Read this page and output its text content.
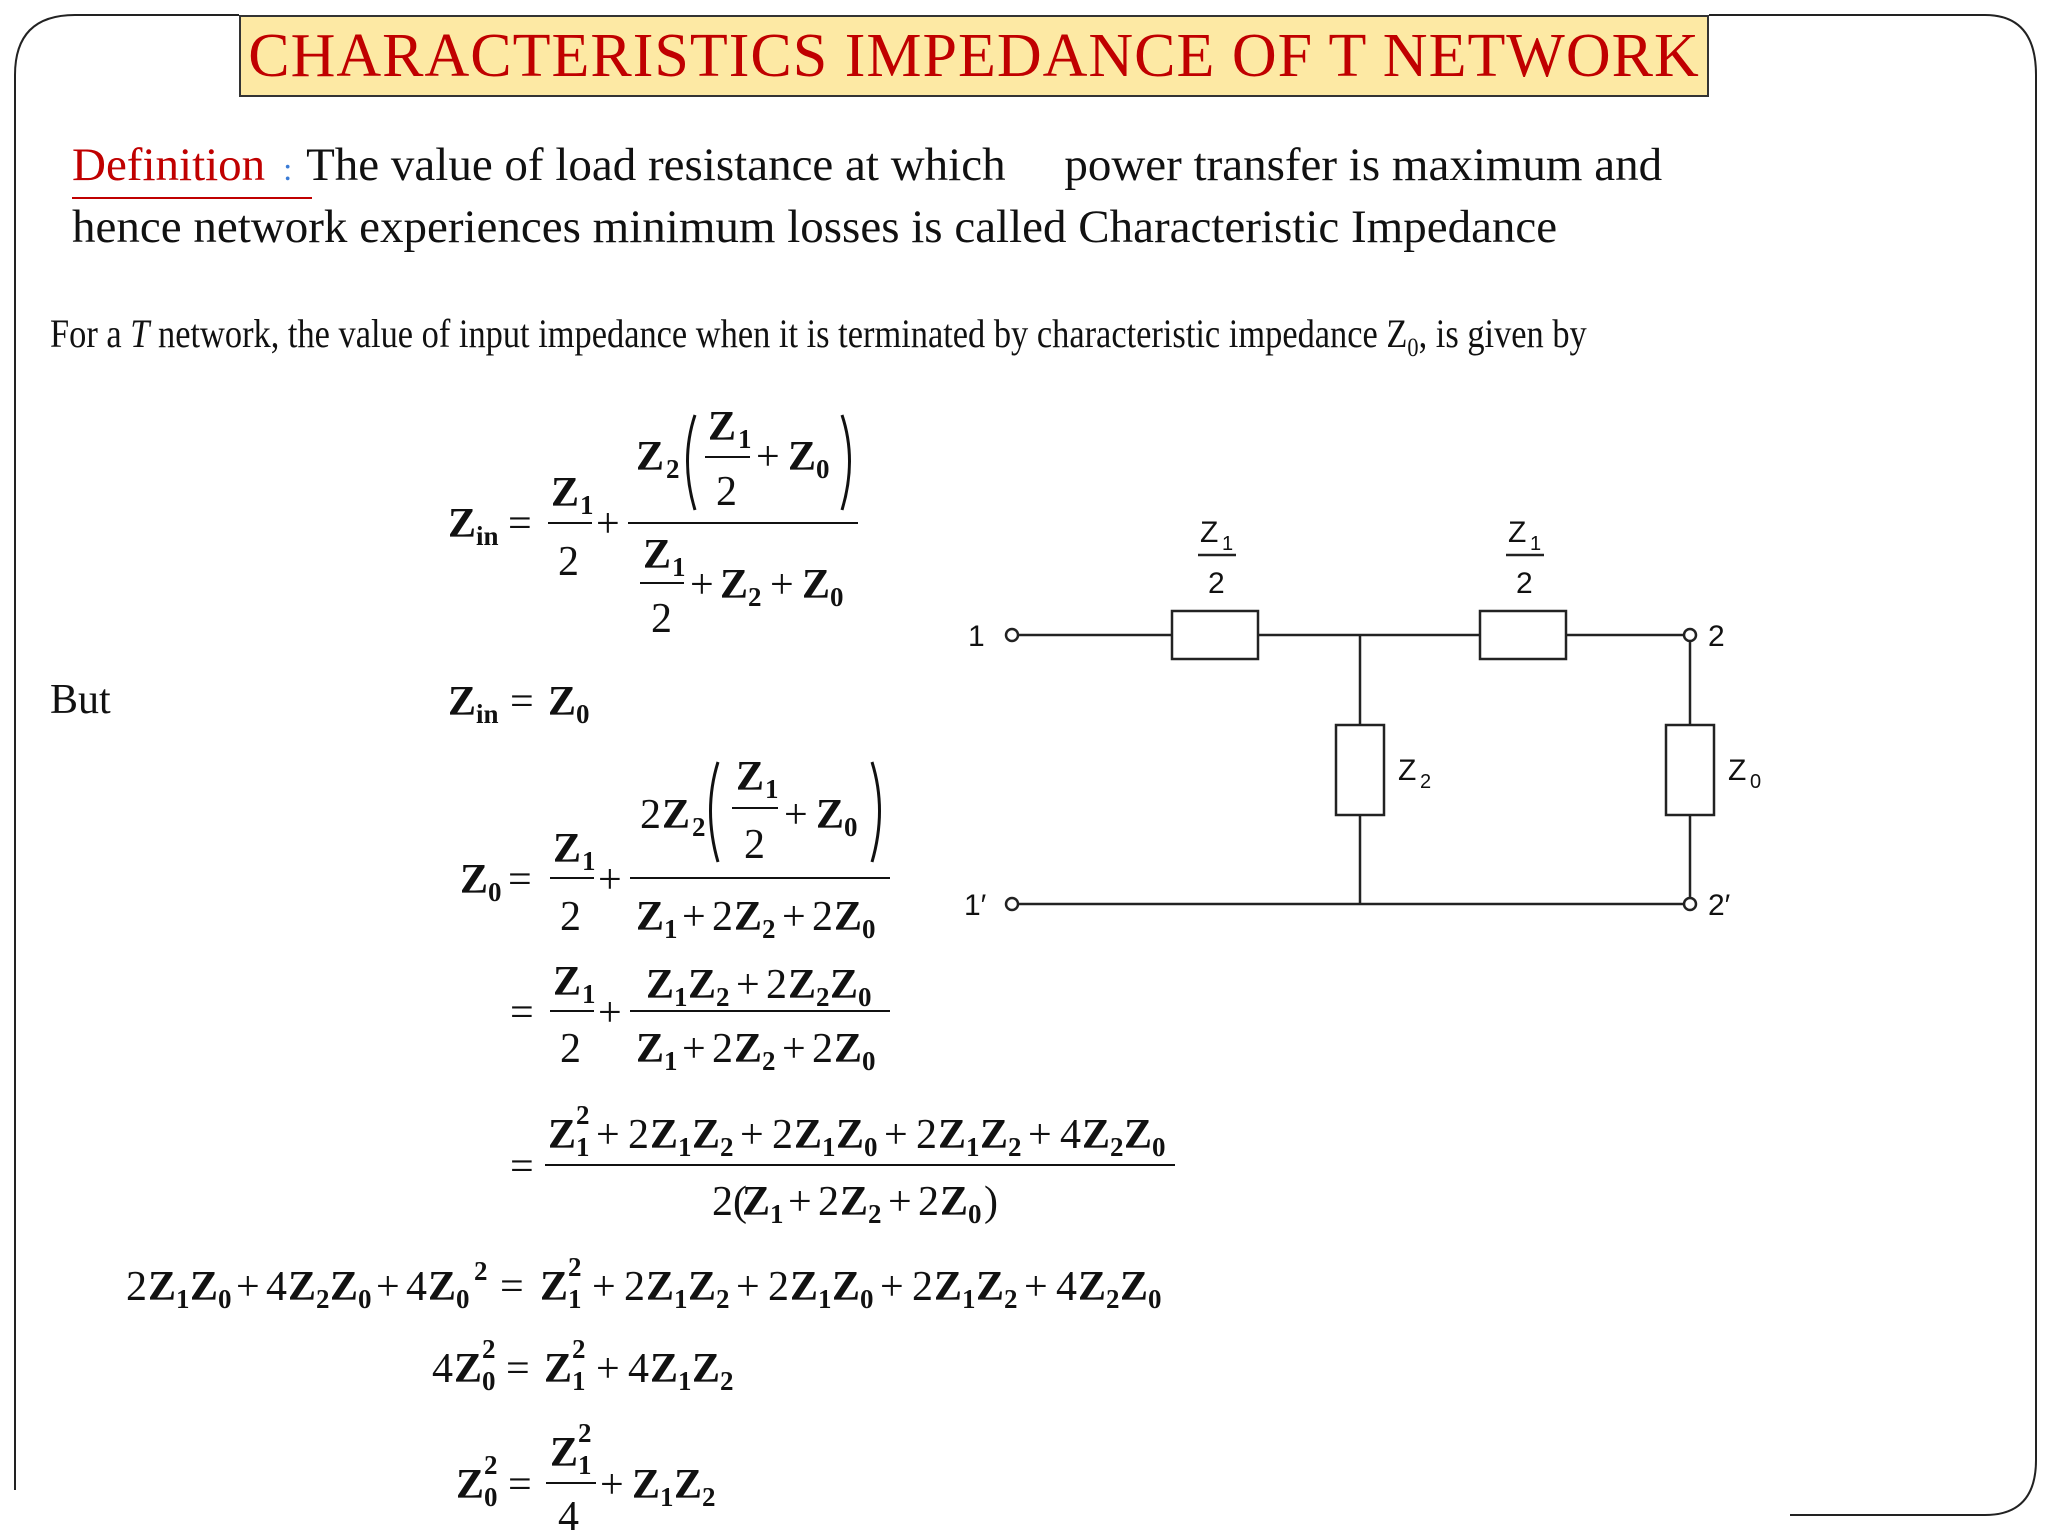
CHARACTERISTICS IMPEDANCE OF T NETWORK
Definition : The value of load resistance at which     power transfer is maximum and
hence network experiences minimum losses is called Characteristic Impedance
For a T network, the value of input impedance when it is terminated by characteristic impedance $Z_0$, is given by
But
Z in =
Z 1
2
+
Z 2
Z 1
2
+ Z 0
Z 1
2
+ Z 2 + Z 0
Z in = Z 0
Z 0 =
Z 1
2
+
2 Z 2
Z 1
2
+ Z 0
Z 1 + 2 Z 2 + 2 Z 0
=
Z 1
2
+
Z 1 Z 2 + 2 Z 2 Z 0
Z 1 + 2 Z 2 + 2 Z 0
=
Z 2
1 + 2 Z 1 Z 2 + 2 Z 1 Z 0 + 2 Z 1 Z 2 + 4 Z 2 Z 0
2(
Z 1 + 2 Z 2 + 2 Z 0 )
2 Z 1 Z 0 + 4 Z 2 Z 0 + 4 Z 0
2 = Z 2
1 + 2 Z 1 Z 2 + 2 Z 1 Z 0 + 2 Z 1 Z 2 + 4 Z 2 Z 0
4 Z 2
0 = Z 2
1 + 4 Z 1 Z 2
Z 2
0 =
Z 2
1
4
+ Z 1 Z 2
Z 1
2
Z 1
2
Z 2	Z 0
1
1′
2
2′
